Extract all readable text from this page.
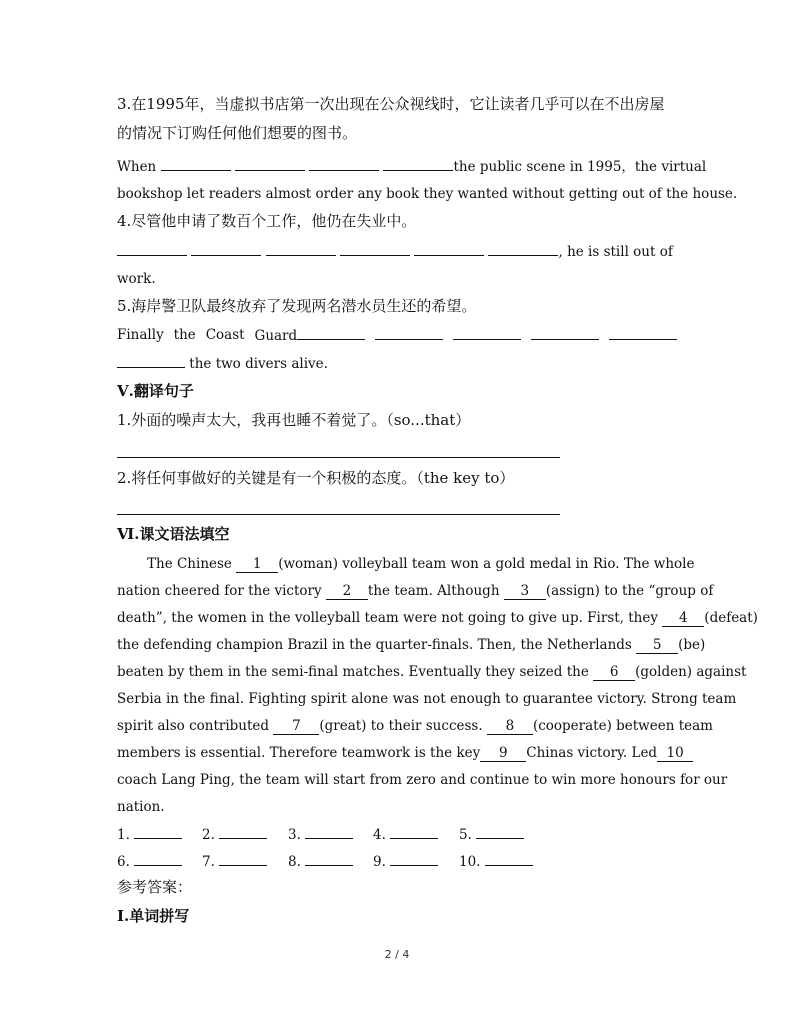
3.在1995年，当虚拟书店第一次出现在公众视线时，它让读者几乎可以在不出房屋
的情况下订购任何他们想要的图书。
When	the public scene in 1995，the virtual
bookshop let readers almost order any book they wanted without getting out of the house.
4.尽管他申请了数百个工作，他仍在失业中。
, he is still out of
work.
5.海岸警卫队最终放弃了发现两名潜水员生还的希望。
Finally the Coast Guard
the two divers alive.
Ⅴ.翻译句子
1.外面的噪声太大，我再也睡不着觉了。（so...that）
2.将任何事做好的关键是有一个积极的态度。（the key to）
Ⅵ.课文语法填空
The Chinese 1 (woman) volleyball team won a gold medal in Rio. The whole
nation cheered for the victory 2 the team. Although 3 (assign) to the “group of
death”, the women in the volleyball team were not going to give up. First, they 4 (defeat)
the defending champion Brazil in the quarter-finals. Then, the Netherlands 5 (be)
beaten by them in the semi-final matches. Eventually they seized the 6 (golden) against
Serbia in the final. Fighting spirit alone was not enough to guarantee victory. Strong team
spirit also contributed 7 (great) to their success. 8 (cooperate) between team
members is essential. Therefore teamwork is the key 9 Chinas victory. Led 10
coach Lang Ping, the team will start from zero and continue to win more honours for our
nation.
1.	2.	3.	4.	5.
6.	7.	8.	9.	10.
参考答案：
Ⅰ.单词拼写
2 / 4
